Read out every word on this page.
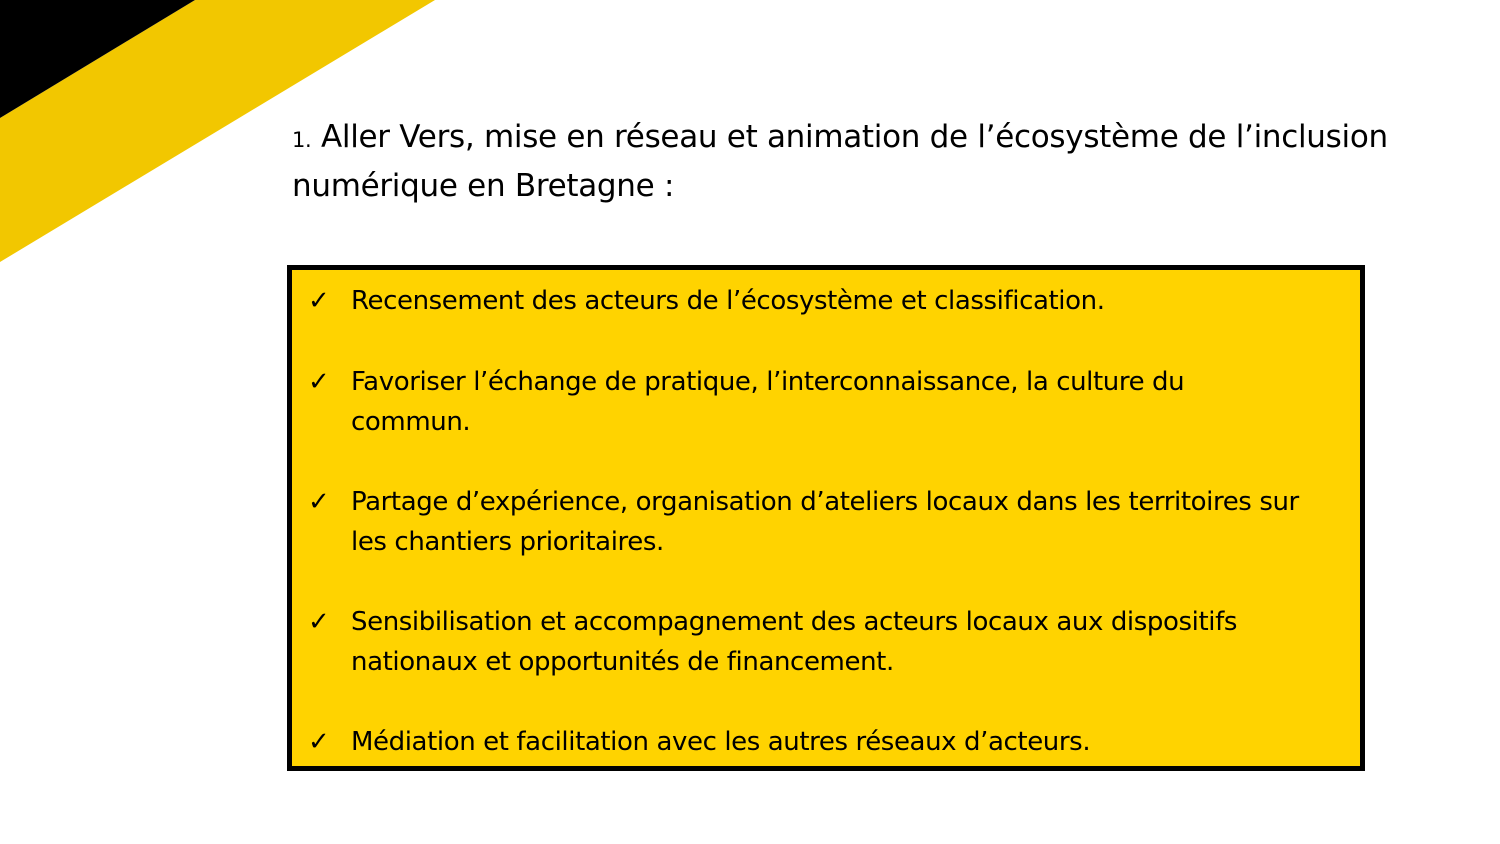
1. Aller Vers, mise en réseau et animation de l’écosystème de l’inclusion numérique en Bretagne :
✓ Recensement des acteurs de l’écosystème et classification.
✓ Favoriser l’échange de pratique, l’interconnaissance, la culture du commun.
✓ Partage d’expérience, organisation d’ateliers locaux dans les territoires sur les chantiers prioritaires.
✓ Sensibilisation et accompagnement des acteurs locaux aux dispositifs nationaux et opportunités de financement.
✓ Médiation et facilitation avec les autres réseaux d’acteurs.
